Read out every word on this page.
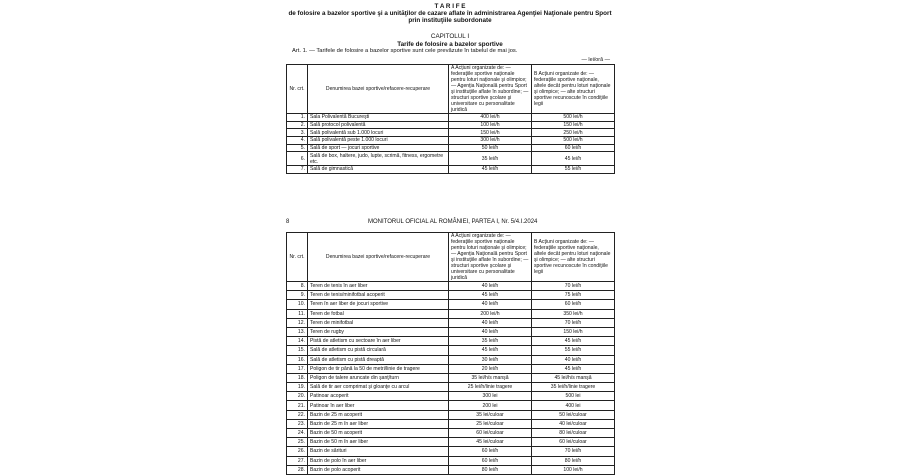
T A R I F E
de folosire a bazelor sportive şi a unităţilor de cazare aflate în administrarea Agenţiei Naţionale pentru Sport
prin instituţiile subordonate
CAPITOLUL I
Tarife de folosire a bazelor sportive
Art. 1. — Tarifele de folosire a bazelor sportive sunt cele prevăzute în tabelul de mai jos.
— lei/oră —
Nr. crt.	Denumirea bazei sportive/refacere-recuperare	A Acţiuni organizate de: — federaţiile sportive naţionale pentru loturi naţionale şi olimpice; — Agenţia Naţională pentru Sport şi instituţiile aflate în subordine; — structuri sportive şcolare şi universitare cu personalitate juridică	B Acţiuni organizate de: — federaţiile sportive naţionale, altele decât pentru loturi naţionale şi olimpice; — alte structuri sportive recunoscute în condiţiile legii
1.	Sala Polivalentă Bucureşti	400 lei/h	500 lei/h
2.	Sală protocol polivalentă	100 lei/h	150 lei/h
3.	Sală polivalentă sub 1.000 locuri	150 lei/h	250 lei/h
4.	Sală polivalentă peste 1.000 locuri	300 lei/h	500 lei/h
5.	Sală de sport — jocuri sportive	50 lei/h	60 lei/h
6.	Sală de box, haltere, judo, lupte, scrimă, fitness, ergometre etc.	35 lei/h	45 lei/h
7.	Sală de gimnastică	45 lei/h	55 lei/h
8	MONITORUL OFICIAL AL ROMÂNIEI, PARTEA I, Nr. 5/4.I.2024
Nr. crt.	Denumirea bazei sportive/refacere-recuperare	A Acţiuni organizate de: — federaţiile sportive naţionale pentru loturi naţionale şi olimpice; — Agenţia Naţională pentru Sport şi instituţiile aflate în subordine; — structuri sportive şcolare şi universitare cu personalitate juridică	B Acţiuni organizate de: — federaţiile sportive naţionale, altele decât pentru loturi naţionale şi olimpice; — alte structuri sportive recunoscute în condiţiile legii
8.	Teren de tenis în aer liber	40 lei/h	70 lei/h
9.	Teren de tenis/minifotbal acoperit	45 lei/h	75 lei/h
10.	Teren în aer liber de jocuri sportive	40 lei/h	60 lei/h
11.	Teren de fotbal	200 lei/h	350 lei/h
12.	Teren de minifotbal	40 lei/h	70 lei/h
13.	Teren de rugby	40 lei/h	150 lei/h
14.	Pistă de atletism cu sectoare în aer liber	35 lei/h	45 lei/h
15.	Sală de atletism cu pistă circulară	45 lei/h	55 lei/h
16.	Sală de atletism cu pistă dreaptă	30 lei/h	40 lei/h
17.	Poligon de tir până la 50 de metri/linie de tragere	20 lei/h	45 lei/h
18.	Poligon de talere aruncate din şanţ/turn	35 lei/h/s manşă	45 lei/h/s manşă
19.	Sală de tir aer comprimat şi gloanţe cu arcul	25 lei/h/linie tragere	35 lei/h/linie tragere
20.	Patinoar acoperit	300 lei	500 lei
21.	Patinoar în aer liber	200 lei	400 lei
22.	Bazin de 25 m acoperit	35 lei/culoar	50 lei/culoar
23.	Bazin de 25 m în aer liber	25 lei/culoar	40 lei/culoar
24.	Bazin de 50 m acoperit	60 lei/culoar	80 lei/culoar
25.	Bazin de 50 m în aer liber	45 lei/culoar	60 lei/culoar
26.	Bazin de sărituri	60 lei/h	70 lei/h
27.	Bazin de polo în aer liber	60 lei/h	80 lei/h
28.	Bazin de polo acoperit	80 lei/h	100 lei/h
